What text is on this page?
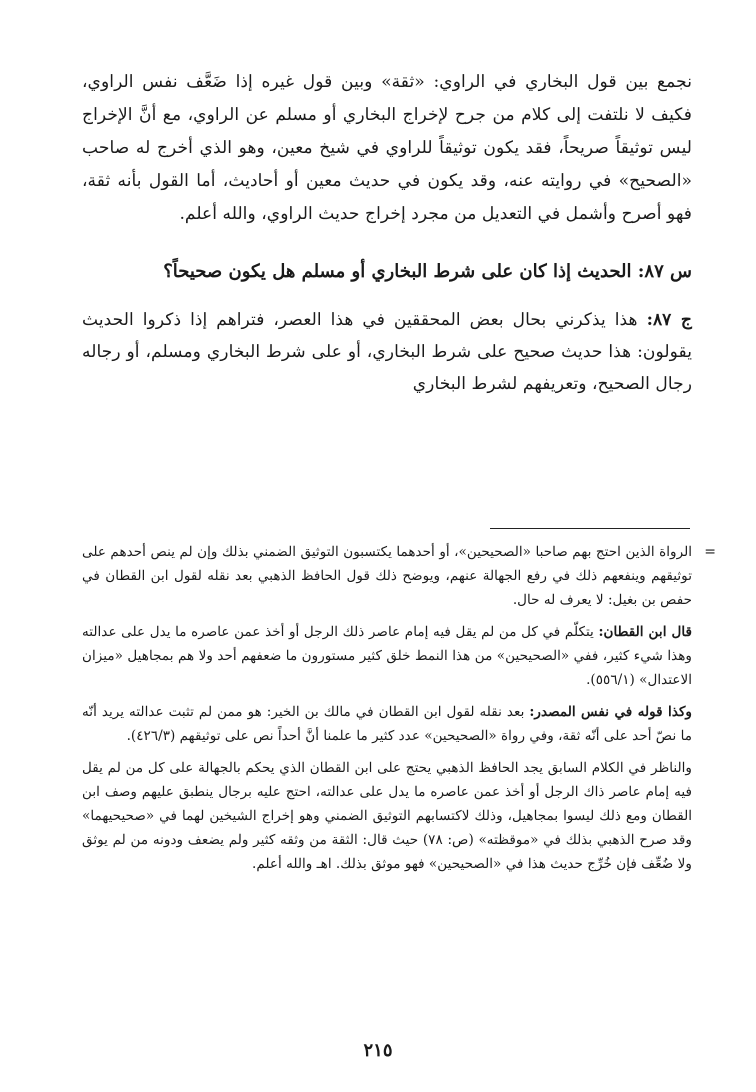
نجمع بين قول البخاري في الراوي: «ثقة» وبين قول غيره إذا ضَعَّف نفس الراوي، فكيف لا نلتفت إلى كلام من جرح لإخراج البخاري أو مسلم عن الراوي، مع أنَّ الإخراج ليس توثيقاً صريحاً، فقد يكون توثيقاً للراوي في شيخ معين، وهو الذي أخرج له صاحب «الصحيح» في روايته عنه، وقد يكون في حديث معين أو أحاديث، أما القول بأنه ثقة، فهو أصرح وأشمل في التعديل من مجرد إخراج حديث الراوي، والله أعلم.

س ٨٧: الحديث إذا كان على شرط البخاري أو مسلم هل يكون صحيحاً؟

ج ٨٧: هذا يذكرني بحال بعض المحققين في هذا العصر، فتراهم إذا ذكروا الحديث يقولون: هذا حديث صحيح على شرط البخاري، أو على شرط البخاري ومسلم، أو رجاله رجال الصحيح، وتعريفهم لشرط البخاري

=
الرواة الذين احتج بهم صاحبا «الصحيحين»، أو أحدهما يكتسبون التوثيق الضمني بذلك وإن لم ينص أحدهم على توثيقهم وينفعهم ذلك في رفع الجهالة عنهم، ويوضح ذلك قول الحافظ الذهبي بعد نقله لقول ابن القطان في حفص بن بغيل: لا يعرف له حال.

قال ابن القطان: يتكلّم في كل من لم يقل فيه إمام عاصر ذلك الرجل أو أخذ عمن عاصره ما يدل على عدالته وهذا شيء كثير، ففي «الصحيحين» من هذا النمط خلق كثير مستورون ما ضعفهم أحد ولا هم بمجاهيل «ميزان الاعتدال» (٥٥٦/١).

وكذا قوله في نفس المصدر: بعد نقله لقول ابن القطان في مالك بن الخير: هو ممن لم تثبت عدالته يريد أنّه ما نصّ أحد على أنّه ثقة، وفي رواة «الصحيحين» عدد كثير ما علمنا أنَّ أحداً نص على توثيقهم (٤٢٦/٣).

والناظر في الكلام السابق يجد الحافظ الذهبي يحتج على ابن القطان الذي يحكم بالجهالة على كل من لم يقل فيه إمام عاصر ذاك الرجل أو أخذ عمن عاصره ما يدل على عدالته، احتج عليه برجال ينطبق عليهم وصف ابن القطان ومع ذلك ليسوا بمجاهيل، وذلك لاكتسابهم التوثيق الضمني وهو إخراج الشيخين لهما في «صحيحيهما» وقد صرح الذهبي بذلك في «موقظته» (ص: ٧٨) حيث قال: الثقة من وثقه كثير ولم يضعف ودونه من لم يوثق ولا ضُعِّف فإن خُرِّج حديث هذا في «الصحيحين» فهو موثق بذلك. اهـ والله أعلم.

٢١٥
